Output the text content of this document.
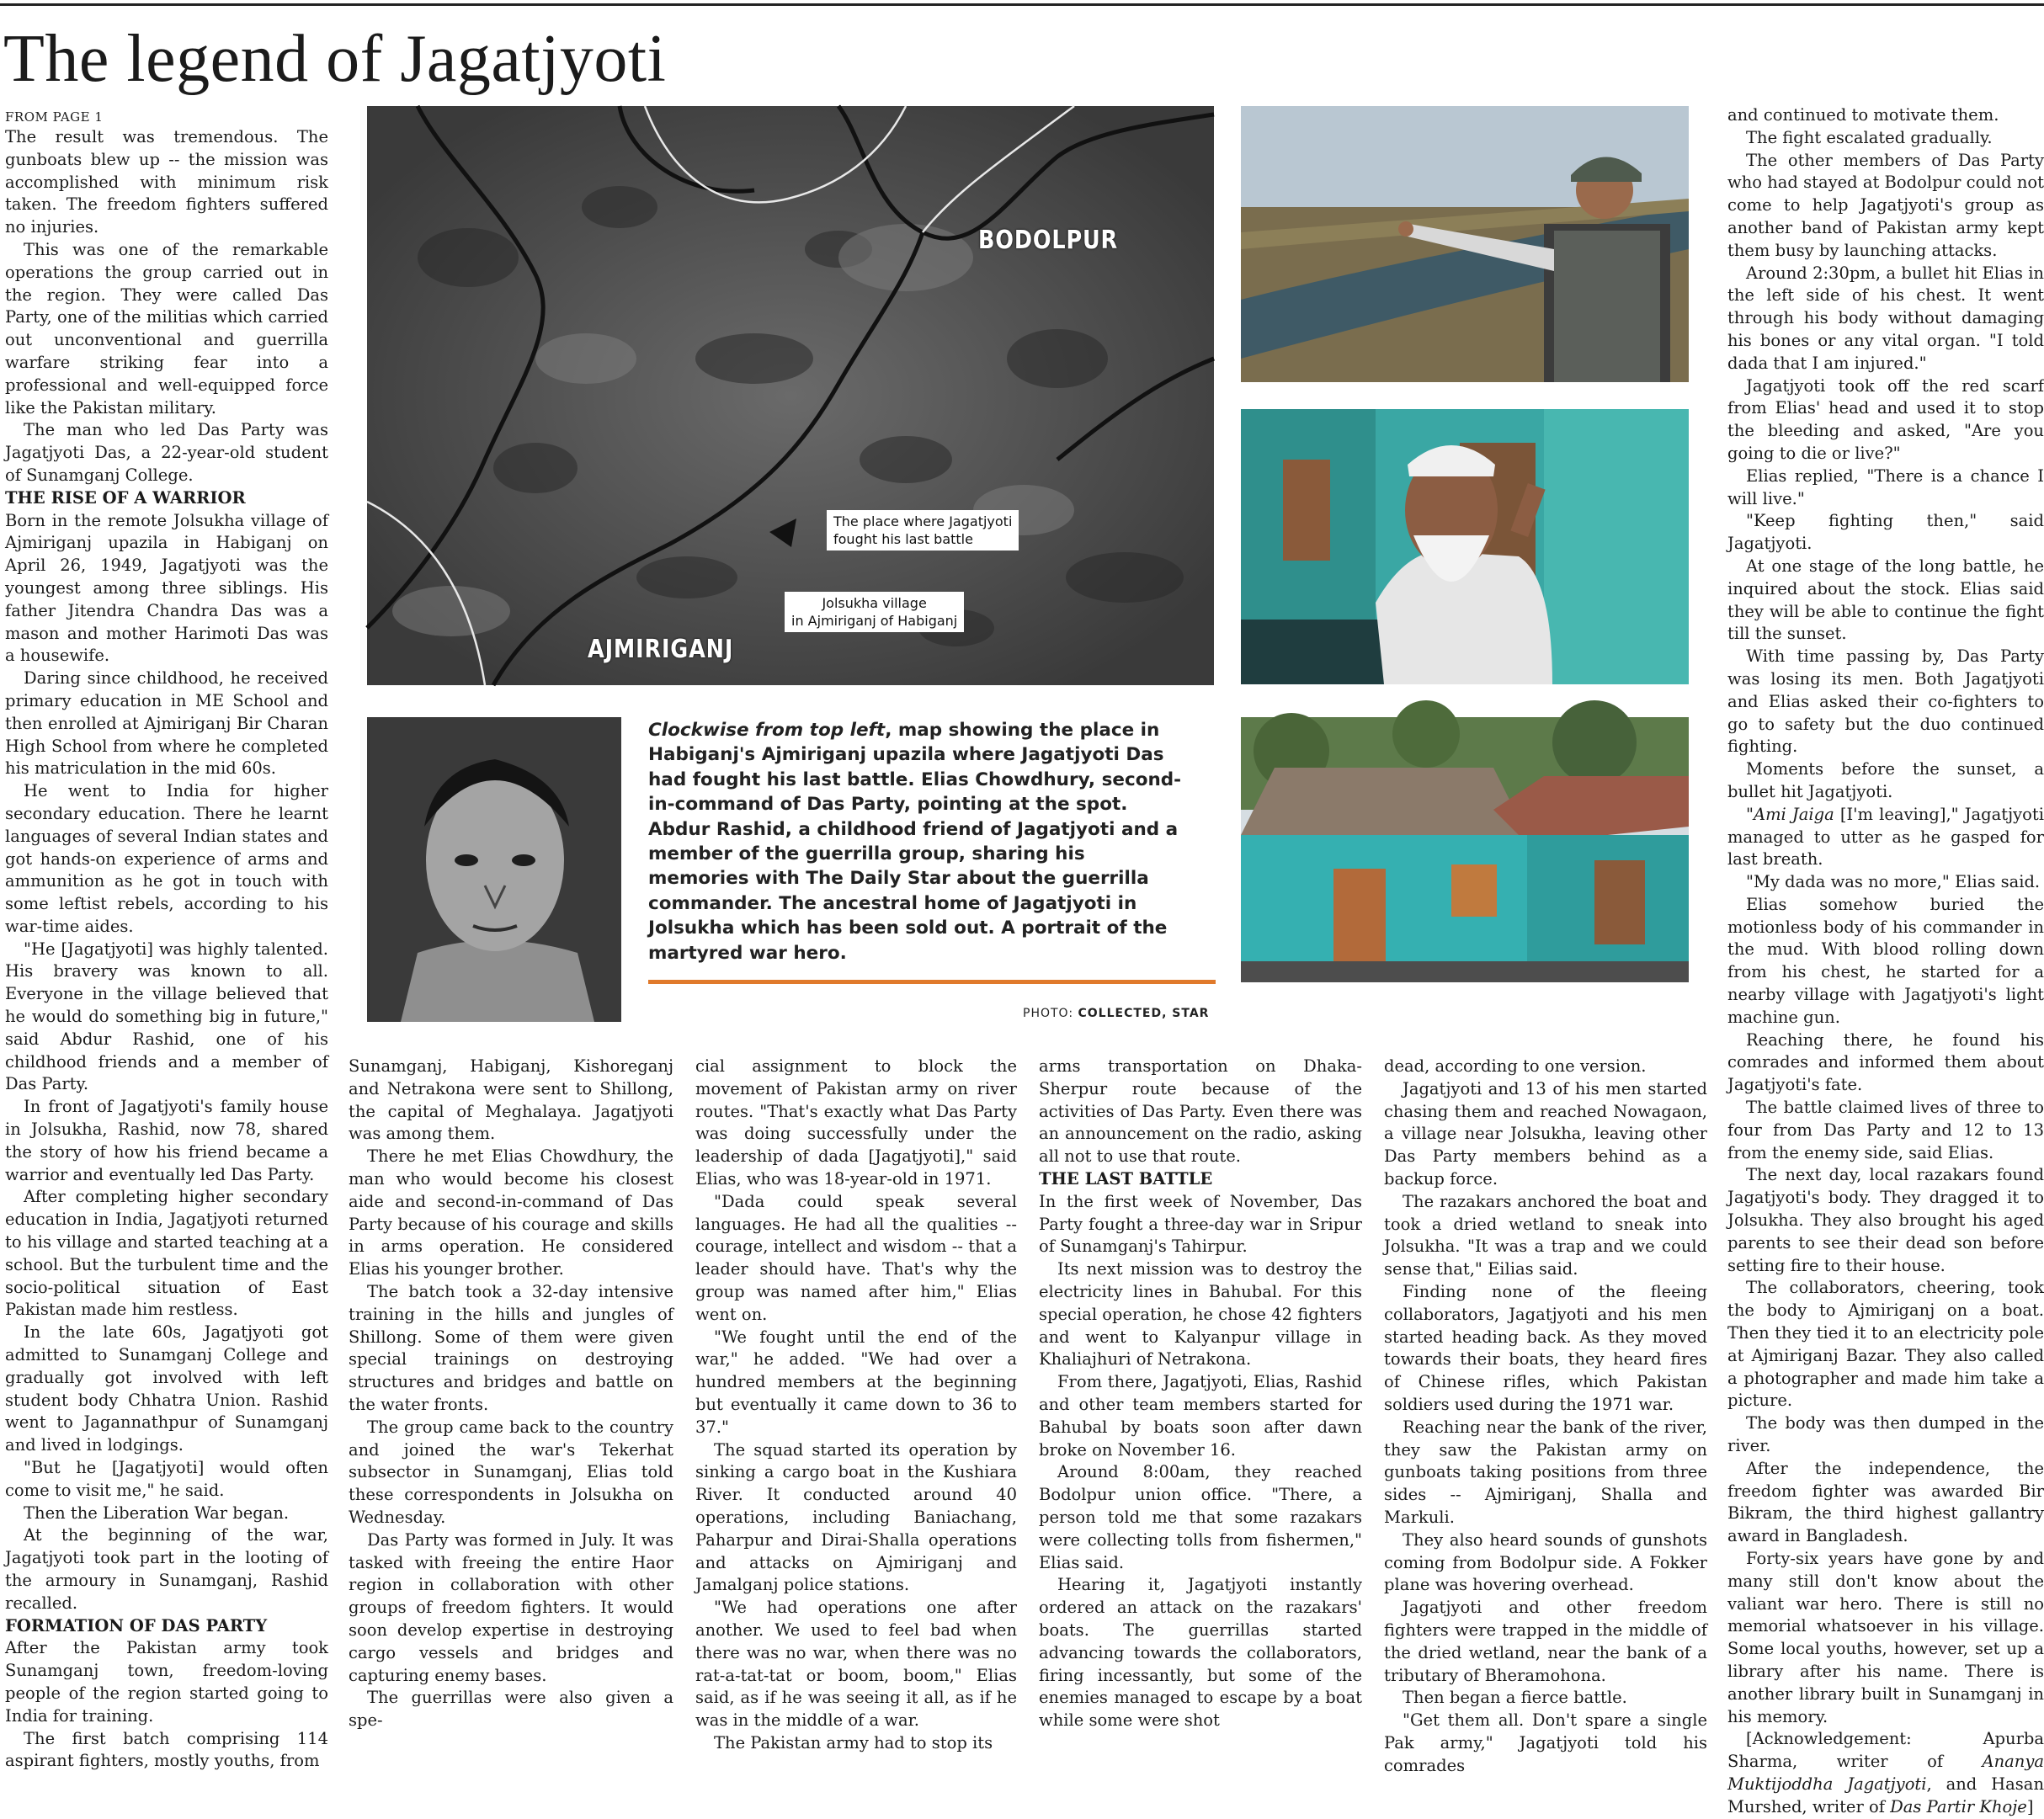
The legend of Jagatjyoti

FROM PAGE 1

The result was tremendous. The gunboats blew up -- the mission was accomplished with minimum risk taken. The freedom fighters suffered no injuries.

This was one of the remarkable operations the group carried out in the region. They were called Das Party, one of the militias which carried out unconventional and guerrilla warfare striking fear into a professional and well-equipped force like the Pakistan military.

The man who led Das Party was Jagatjyoti Das, a 22-year-old student of Sunamganj College.

THE RISE OF A WARRIOR

Born in the remote Jolsukha village of Ajmiriganj upazila in Habiganj on April 26, 1949, Jagatjyoti was the youngest among three siblings. His father Jitendra Chandra Das was a mason and mother Harimoti Das was a housewife.

Daring since childhood, he received primary education in ME School and then enrolled at Ajmiriganj Bir Charan High School from where he completed his matriculation in the mid 60s.

He went to India for higher secondary education. There he learnt languages of several Indian states and got hands-on experience of arms and ammunition as he got in touch with some leftist rebels, according to his war-time aides.

"He [Jagatjyoti] was highly talented. His bravery was known to all. Everyone in the village believed that he would do something big in future," said Abdur Rashid, one of his childhood friends and a member of Das Party.

In front of Jagatjyoti's family house in Jolsukha, Rashid, now 78, shared the story of how his friend became a warrior and eventually led Das Party.

After completing higher secondary education in India, Jagatjyoti returned to his village and started teaching at a school. But the turbulent time and the socio-political situation of East Pakistan made him restless.

In the late 60s, Jagatjyoti got admitted to Sunamganj College and gradually got involved with left student body Chhatra Union. Rashid went to Jagannathpur of Sunamganj and lived in lodgings.

"But he [Jagatjyoti] would often come to visit me," he said.

Then the Liberation War began.

At the beginning of the war, Jagatjyoti took part in the looting of the armoury in Sunamganj, Rashid recalled.

FORMATION OF DAS PARTY

After the Pakistan army took Sunamganj town, freedom-loving people of the region started going to India for training.

The first batch comprising 114 aspirant fighters, mostly youths, from

BODOLPUR
AJMIRIGANJ
The place where Jagatjyoti
fought his last battle
Jolsukha village
in Ajmiriganj of Habiganj
Clockwise from top left, map showing the place in Habiganj's Ajmiriganj upazila where Jagatjyoti Das had fought his last battle. Elias Chowdhury, second-in-command of Das Party, pointing at the spot. Abdur Rashid, a childhood friend of Jagatjyoti and a member of the guerrilla group, sharing his memories with The Daily Star about the guerrilla commander. The ancestral home of Jagatjyoti in Jolsukha which has been sold out. A portrait of the martyred war hero.
PHOTO: COLLECTED, STAR

Sunamganj, Habiganj, Kishoreganj and Netrakona were sent to Shillong, the capital of Meghalaya. Jagatjyoti was among them.

There he met Elias Chowdhury, the man who would become his closest aide and second-in-command of Das Party because of his courage and skills in arms operation. He considered Elias his younger brother.

The batch took a 32-day intensive training in the hills and jungles of Shillong. Some of them were given special trainings on destroying structures and bridges and battle on the water fronts.

The group came back to the country and joined the war's Tekerhat subsector in Sunamganj, Elias told these correspondents in Jolsukha on Wednesday.

Das Party was formed in July. It was tasked with freeing the entire Haor region in collaboration with other groups of freedom fighters. It would soon develop expertise in destroying cargo vessels and bridges and capturing enemy bases.

The guerrillas were also given a spe-

cial assignment to block the movement of Pakistan army on river routes. "That's exactly what Das Party was doing successfully under the leadership of dada [Jagatjyoti]," said Elias, who was 18-year-old in 1971.

"Dada could speak several languages. He had all the qualities -- courage, intellect and wisdom -- that a leader should have. That's why the group was named after him," Elias went on.

"We fought until the end of the war," he added. "We had over a hundred members at the beginning but eventually it came down to 36 to 37."

The squad started its operation by sinking a cargo boat in the Kushiara River. It conducted around 40 operations, including Baniachang, Paharpur and Dirai-Shalla operations and attacks on Ajmiriganj and Jamalganj police stations.

"We had operations one after another. We used to feel bad when there was no war, when there was no rat-a-tat-tat or boom, boom," Elias said, as if he was seeing it all, as if he was in the middle of a war.

The Pakistan army had to stop its

arms transportation on Dhaka-Sherpur route because of the activities of Das Party. Even there was an announcement on the radio, asking all not to use that route.

THE LAST BATTLE

In the first week of November, Das Party fought a three-day war in Sripur of Sunamganj's Tahirpur.

Its next mission was to destroy the electricity lines in Bahubal. For this special operation, he chose 42 fighters and went to Kalyanpur village in Khaliajhuri of Netrakona.

From there, Jagatjyoti, Elias, Rashid and other team members started for Bahubal by boats soon after dawn broke on November 16.

Around 8:00am, they reached Bodolpur union office. "There, a person told me that some razakars were collecting tolls from fishermen," Elias said.

Hearing it, Jagatjyoti instantly ordered an attack on the razakars' boats. The guerrillas started advancing towards the collaborators, firing incessantly, but some of the enemies managed to escape by a boat while some were shot

dead, according to one version.

Jagatjyoti and 13 of his men started chasing them and reached Nowagaon, a village near Jolsukha, leaving other Das Party members behind as a backup force.

The razakars anchored the boat and took a dried wetland to sneak into Jolsukha. "It was a trap and we could sense that," Eilias said.

Finding none of the fleeing collaborators, Jagatjyoti and his men started heading back. As they moved towards their boats, they heard fires of Chinese rifles, which Pakistan soldiers used during the 1971 war.

Reaching near the bank of the river, they saw the Pakistan army on gunboats taking positions from three sides -- Ajmiriganj, Shalla and Markuli.

They also heard sounds of gunshots coming from Bodolpur side. A Fokker plane was hovering overhead.

Jagatjyoti and other freedom fighters were trapped in the middle of the dried wetland, near the bank of a tributary of Bheramohona.

Then began a fierce battle.

"Get them all. Don't spare a single Pak army," Jagatjyoti told his comrades

and continued to motivate them.

The fight escalated gradually.

The other members of Das Party who had stayed at Bodolpur could not come to help Jagatjyoti's group as another band of Pakistan army kept them busy by launching attacks.

Around 2:30pm, a bullet hit Elias in the left side of his chest. It went through his body without damaging his bones or any vital organ. "I told dada that I am injured."

Jagatjyoti took off the red scarf from Elias' head and used it to stop the bleeding and asked, "Are you going to die or live?"

Elias replied, "There is a chance I will live."

"Keep fighting then," said Jagatjyoti.

At one stage of the long battle, he inquired about the stock. Elias said they will be able to continue the fight till the sunset.

With time passing by, Das Party was losing its men. Both Jagatjyoti and Elias asked their co-fighters to go to safety but the duo continued fighting.

Moments before the sunset, a bullet hit Jagatjyoti.

"Ami Jaiga [I'm leaving]," Jagatjyoti managed to utter as he gasped for last breath.

"My dada was no more," Elias said.

Elias somehow buried the motionless body of his commander in the mud. With blood rolling down from his chest, he started for a nearby village with Jagatjyoti's light machine gun.

Reaching there, he found his comrades and informed them about Jagatjyoti's fate.

The battle claimed lives of three to four from Das Party and 12 to 13 from the enemy side, said Elias.

The next day, local razakars found Jagatjyoti's body. They dragged it to Jolsukha. They also brought his aged parents to see their dead son before setting fire to their house.

The collaborators, cheering, took the body to Ajmiriganj on a boat. Then they tied it to an electricity pole at Ajmiriganj Bazar. They also called a photographer and made him take a picture.

The body was then dumped in the river.

After the independence, the freedom fighter was awarded Bir Bikram, the third highest gallantry award in Bangladesh.

Forty-six years have gone by and many still don't know about the valiant war hero. There is still no memorial whatsoever in his village. Some local youths, however, set up a library after his name. There is another library built in Sunamganj in his memory.

[Acknowledgement: Apurba Sharma, writer of Ananya Muktijoddha Jagatjyoti, and Hasan Murshed, writer of Das Partir Khoje]
